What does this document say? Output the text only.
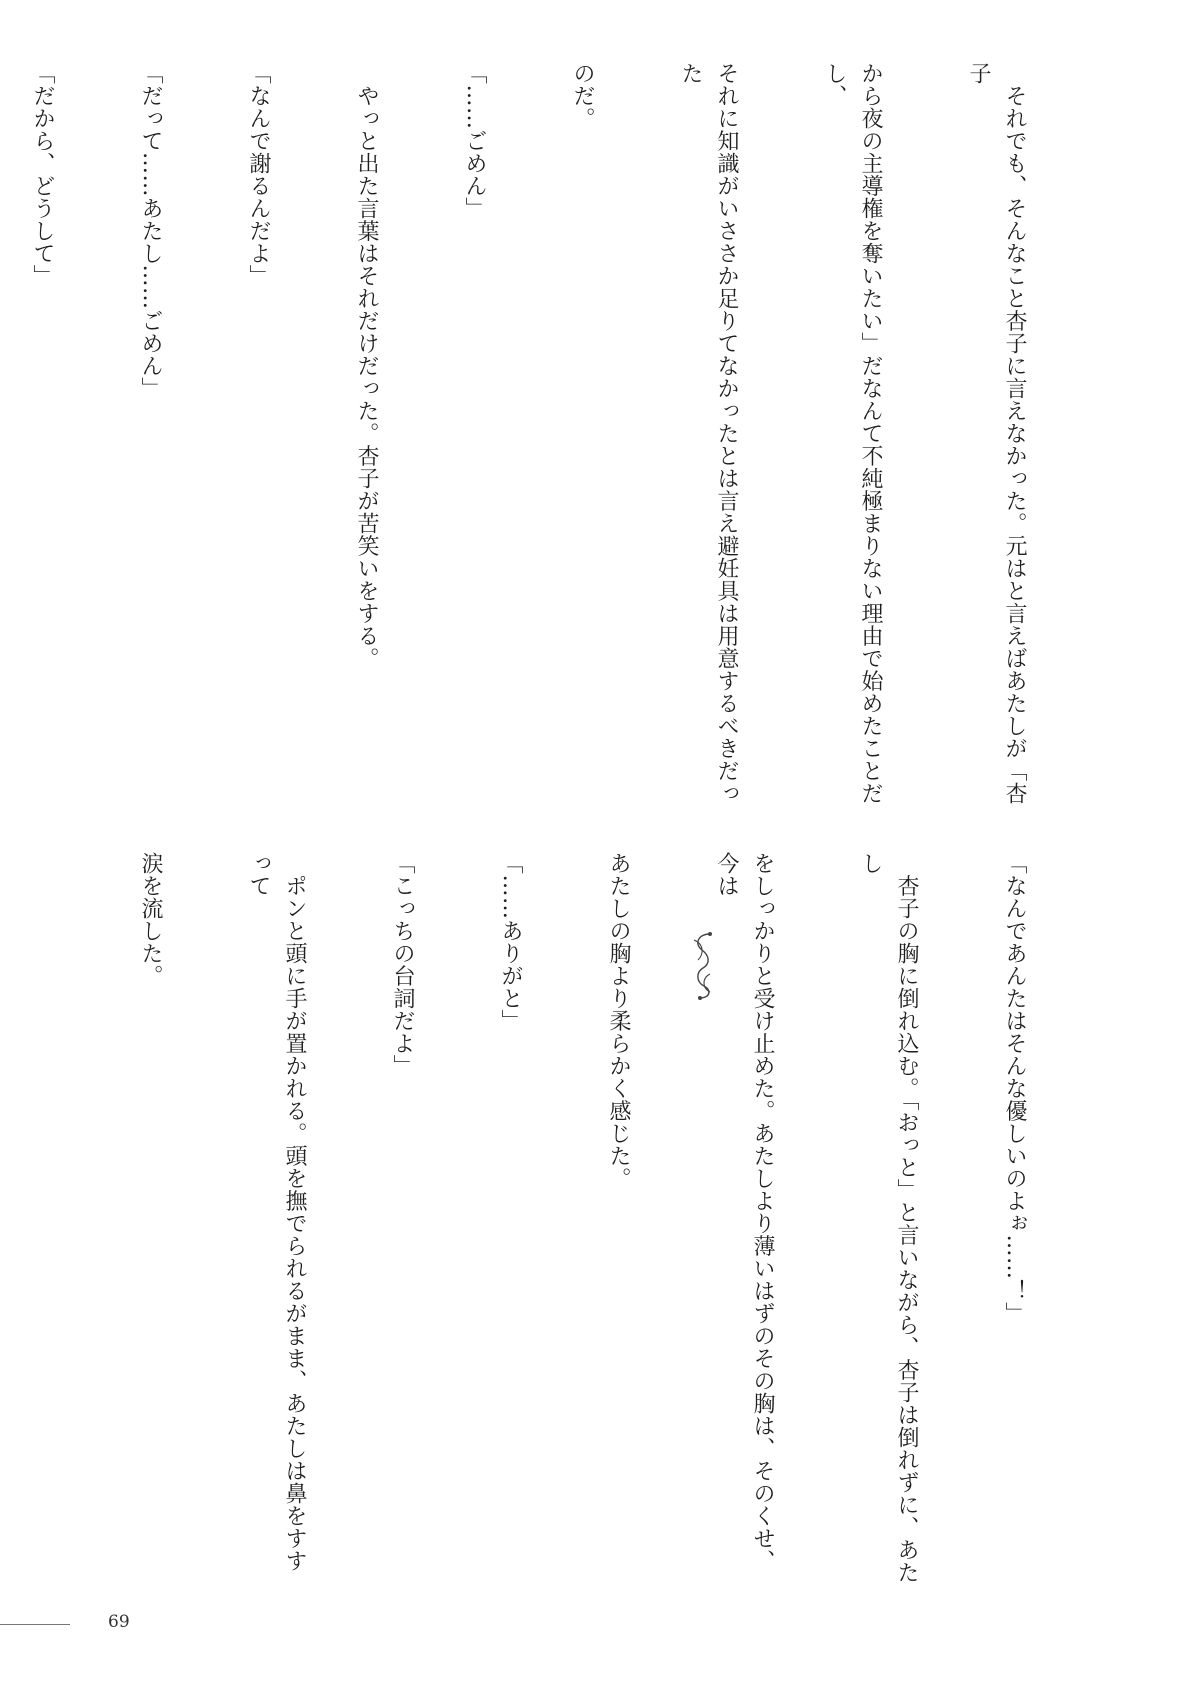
　それでも、そんなこと杏子に言えなかった。元はと言えばあたしが「杏子

から夜の主導権を奪いたい」だなんて不純極まりない理由で始めたことだし、

それに知識がいささか足りてなかったとは言え避妊具は用意するべきだった

のだ。

「……ごめん」

　やっと出た言葉はそれだけだった。杏子が苦笑いをする。

「なんで謝るんだよ」

「だって……あたし……ごめん」

「だから、どうして」

「なんであんたはそんな優しいのよぉ……！」

　杏子の胸に倒れ込む。「おっと」と言いながら、杏子は倒れずに、あたし

をしっかりと受け止めた。あたしより薄いはずのその胸は、そのくせ、今は

あたしの胸より柔らかく感じた。

「……ありがと」

「こっちの台詞だよ」

　ポンと頭に手が置かれる。頭を撫でられるがまま、あたしは鼻をすすって

涙を流した。

69
